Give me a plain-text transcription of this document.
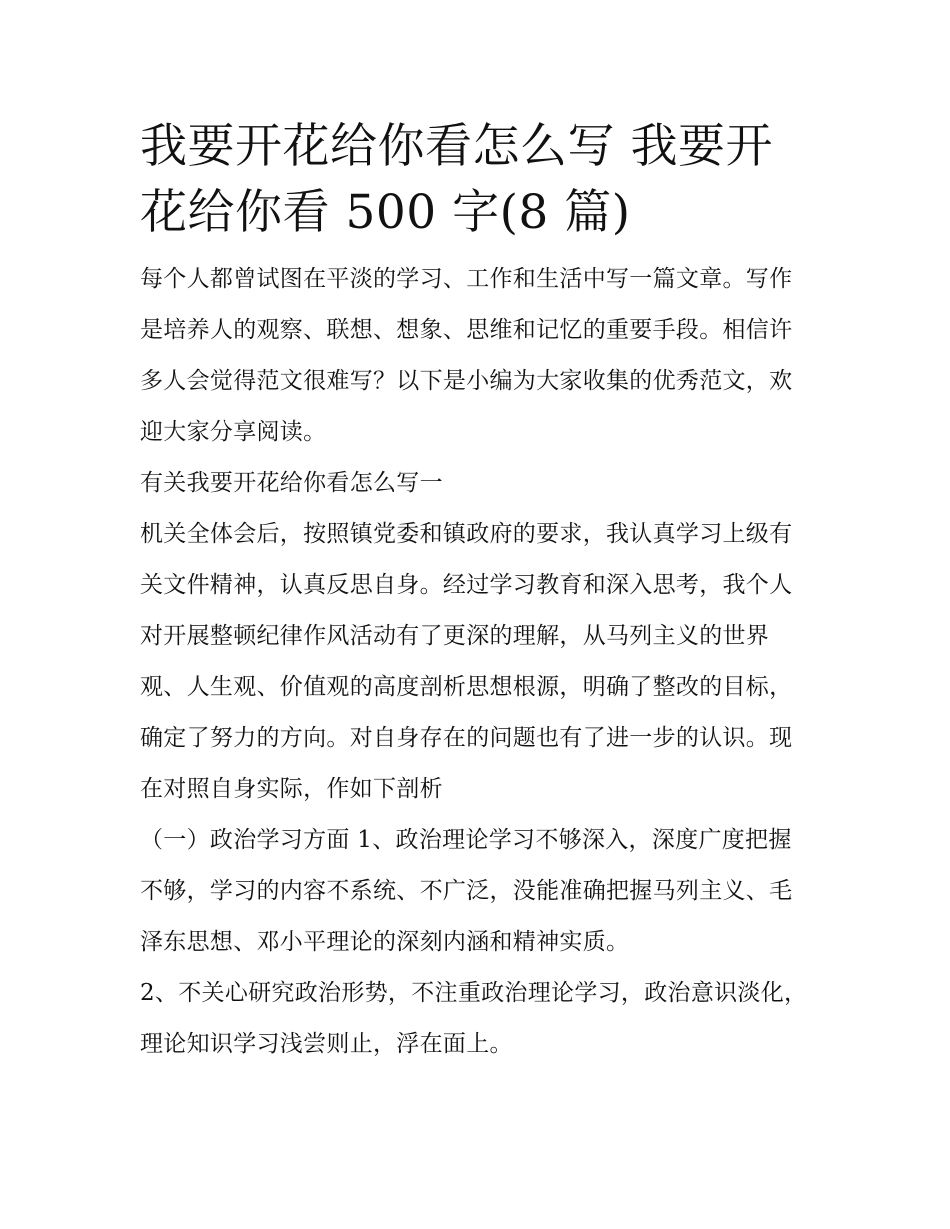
我要开花给你看怎么写 我要开花给你看 500 字(8 篇)

每个人都曾试图在平淡的学习、工作和生活中写一篇文章。写作是培养人的观察、联想、想象、思维和记忆的重要手段。相信许多人会觉得范文很难写？以下是小编为大家收集的优秀范文，欢迎大家分享阅读。

有关我要开花给你看怎么写一

机关全体会后，按照镇党委和镇政府的要求，我认真学习上级有关文件精神，认真反思自身。经过学习教育和深入思考，我个人对开展整顿纪律作风活动有了更深的理解，从马列主义的世界观、人生观、价值观的高度剖析思想根源，明确了整改的目标，确定了努力的方向。对自身存在的问题也有了进一步的认识。现在对照自身实际，作如下剖析

（一）政治学习方面 1、政治理论学习不够深入，深度广度把握不够，学习的内容不系统、不广泛，没能准确把握马列主义、毛泽东思想、邓小平理论的深刻内涵和精神实质。

2、不关心研究政治形势，不注重政治理论学习，政治意识淡化，理论知识学习浅尝则止，浮在面上。
